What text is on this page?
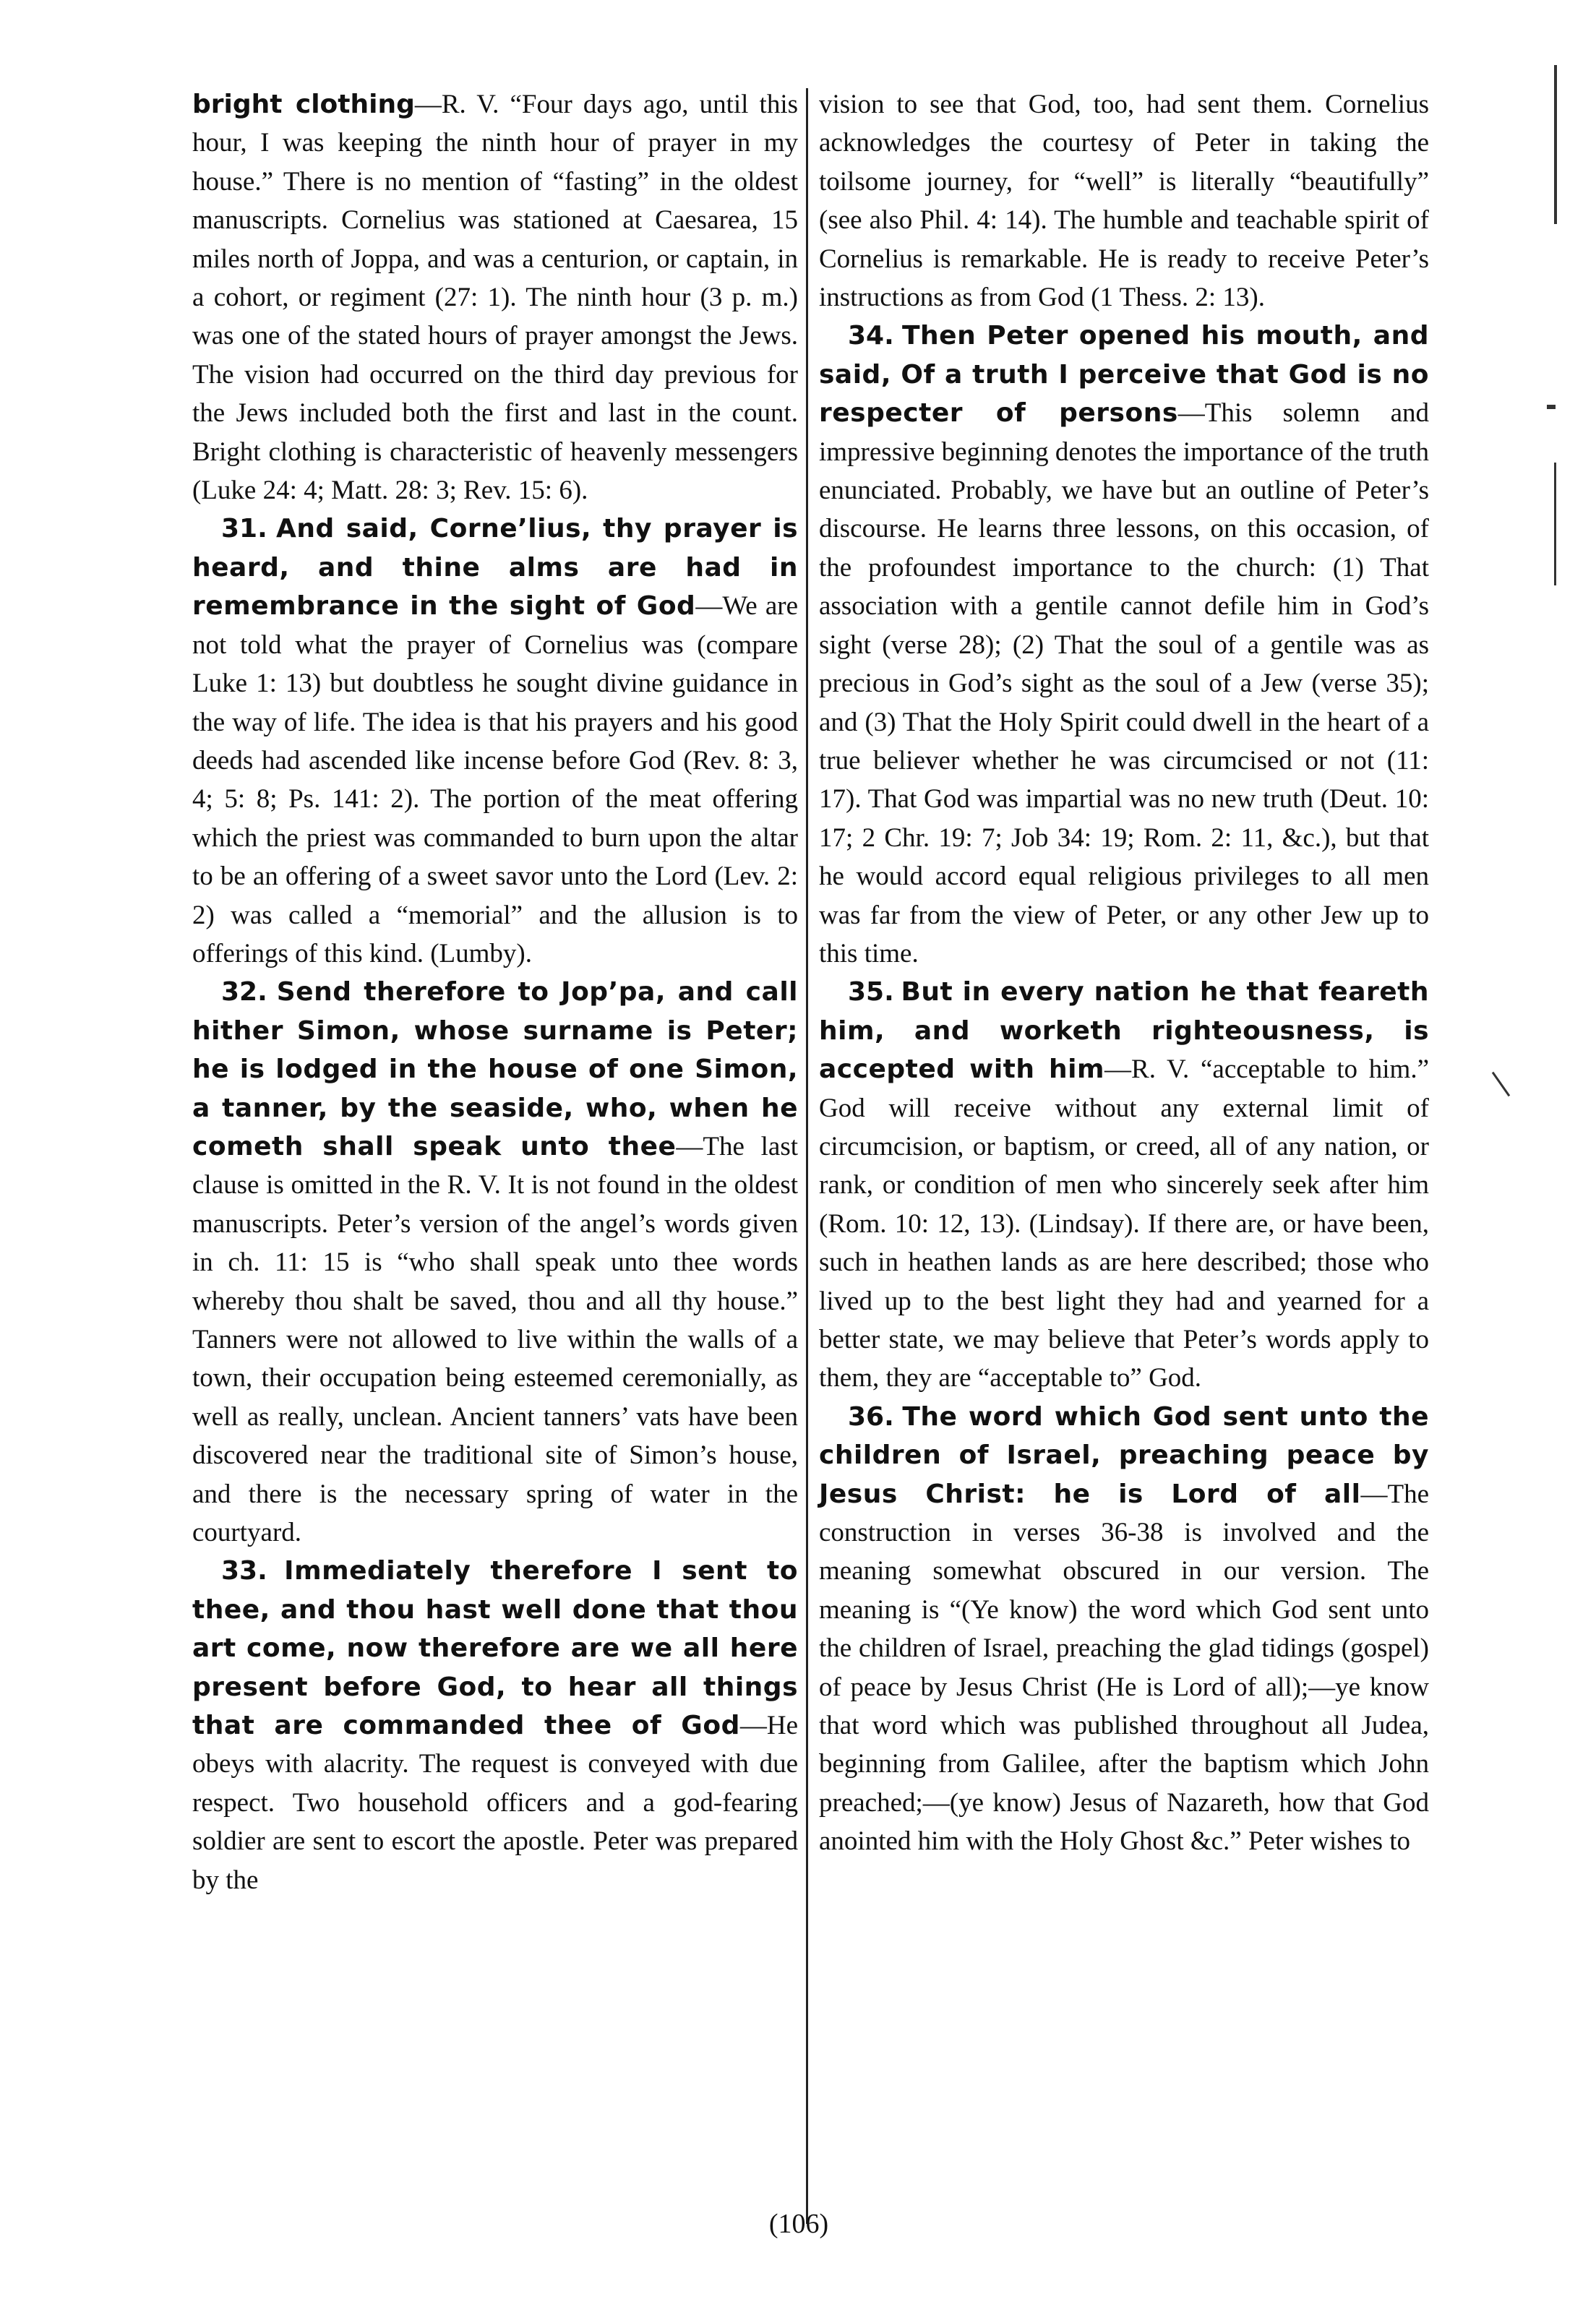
bright clothing—R. V. “Four days ago, until this hour, I was keeping the ninth hour of prayer in my house.” There is no mention of “fasting” in the oldest manuscripts. Cornelius was stationed at Caesarea, 15 miles north of Joppa, and was a centurion, or captain, in a cohort, or regiment (27: 1). The ninth hour (3 p. m.) was one of the stated hours of prayer amongst the Jews. The vision had occurred on the third day previous for the Jews included both the first and last in the count. Bright clothing is characteristic of heavenly messengers (Luke 24: 4; Matt. 28: 3; Rev. 15: 6).

31. And said, Corne’lius, thy prayer is heard, and thine alms are had in remembrance in the sight of God—We are not told what the prayer of Cornelius was (compare Luke 1: 13) but doubtless he sought divine guidance in the way of life. The idea is that his prayers and his good deeds had ascended like incense before God (Rev. 8: 3, 4; 5: 8; Ps. 141: 2). The portion of the meat offering which the priest was commanded to burn upon the altar to be an offering of a sweet savor unto the Lord (Lev. 2: 2) was called a “memorial” and the allusion is to offerings of this kind. (Lumby).

32. Send therefore to Jop’pa, and call hither Simon, whose surname is Peter; he is lodged in the house of one Simon, a tanner, by the seaside, who, when he cometh shall speak unto thee—The last clause is omitted in the R. V. It is not found in the oldest manuscripts. Peter’s version of the angel’s words given in ch. 11: 15 is “who shall speak unto thee words whereby thou shalt be saved, thou and all thy house.” Tanners were not allowed to live within the walls of a town, their occupation being esteemed ceremonially, as well as really, unclean. Ancient tanners’ vats have been discovered near the traditional site of Simon’s house, and there is the necessary spring of water in the courtyard.

33. Immediately therefore I sent to thee, and thou hast well done that thou art come, now therefore are we all here present before God, to hear all things that are commanded thee of God—He obeys with alacrity. The request is conveyed with due respect. Two household officers and a god-fearing soldier are sent to escort the apostle. Peter was prepared by the

vision to see that God, too, had sent them. Cornelius acknowledges the courtesy of Peter in taking the toilsome journey, for “well” is literally “beautifully” (see also Phil. 4: 14). The humble and teachable spirit of Cornelius is remarkable. He is ready to receive Peter’s instructions as from God (1 Thess. 2: 13).

34. Then Peter opened his mouth, and said, Of a truth I perceive that God is no respecter of persons—This solemn and impressive beginning denotes the importance of the truth enunciated. Probably, we have but an outline of Peter’s discourse. He learns three lessons, on this occasion, of the profoundest importance to the church: (1) That association with a gentile cannot defile him in God’s sight (verse 28); (2) That the soul of a gentile was as precious in God’s sight as the soul of a Jew (verse 35); and (3) That the Holy Spirit could dwell in the heart of a true believer whether he was circumcised or not (11: 17). That God was impartial was no new truth (Deut. 10: 17; 2 Chr. 19: 7; Job 34: 19; Rom. 2: 11, &c.), but that he would accord equal religious privileges to all men was far from the view of Peter, or any other Jew up to this time.

35. But in every nation he that feareth him, and worketh righteousness, is accepted with him—R. V. “acceptable to him.” God will receive without any external limit of circumcision, or baptism, or creed, all of any nation, or rank, or condition of men who sincerely seek after him (Rom. 10: 12, 13). (Lindsay). If there are, or have been, such in heathen lands as are here described; those who lived up to the best light they had and yearned for a better state, we may believe that Peter’s words apply to them, they are “acceptable to” God.

36. The word which God sent unto the children of Israel, preaching peace by Jesus Christ: he is Lord of all—The construction in verses 36-38 is involved and the meaning somewhat obscured in our version. The meaning is “(Ye know) the word which God sent unto the children of Israel, preaching the glad tidings (gospel) of peace by Jesus Christ (He is Lord of all);—ye know that word which was published throughout all Judea, beginning from Galilee, after the baptism which John preached;—(ye know) Jesus of Nazareth, how that God anointed him with the Holy Ghost &c.” Peter wishes to

(106)
